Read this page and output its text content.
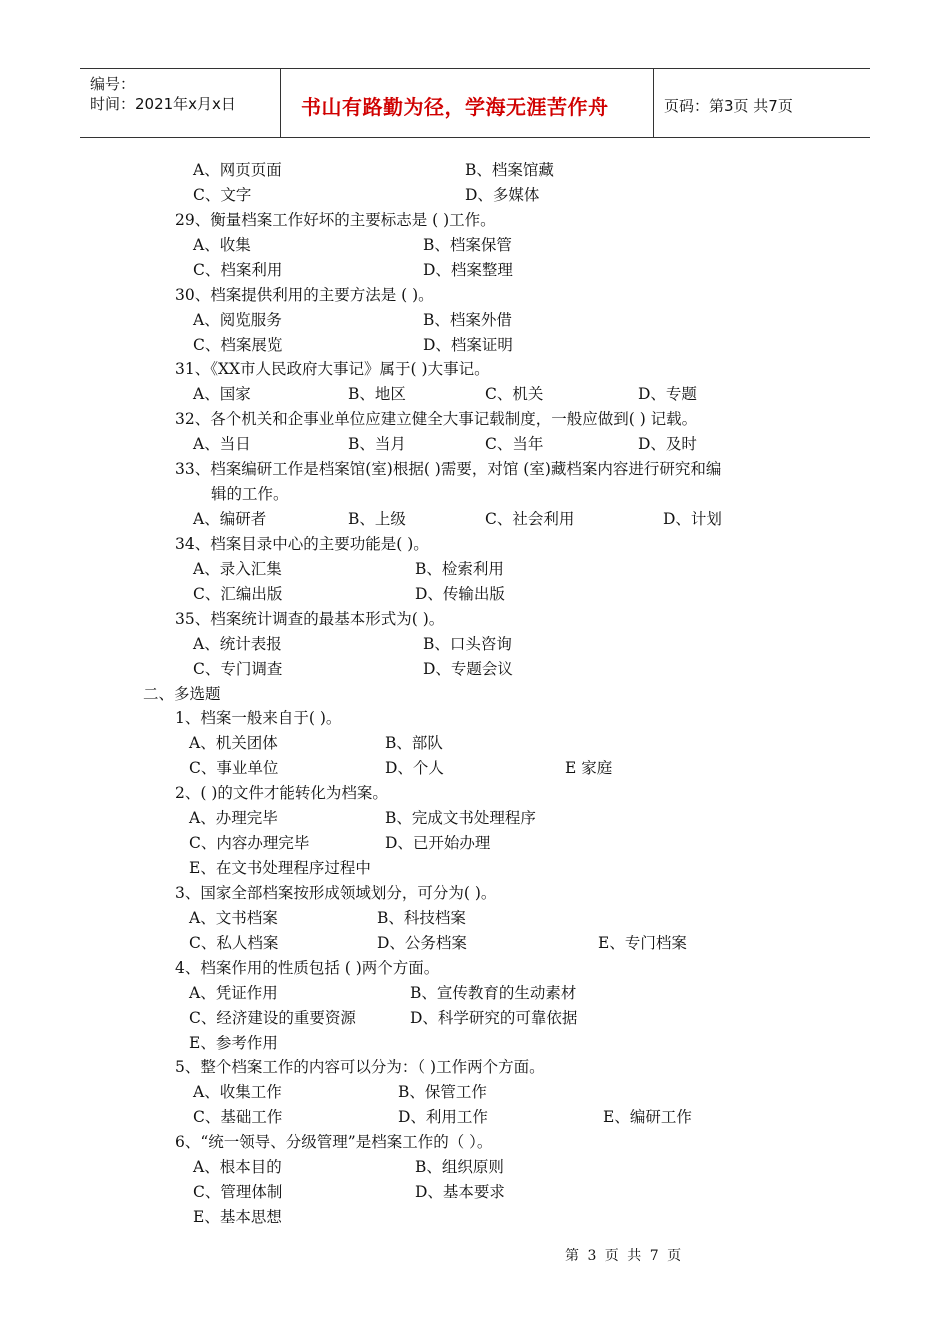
编号：
时间：2021年x月x日	书山有路勤为径，学海无涯苦作舟	页码：第3页 共7页
A、网页页面	B、档案馆藏
C、文字	D、多媒体
29、衡量档案工作好坏的主要标志是 ( )工作。
A、收集	B、档案保管
C、档案利用	D、档案整理
30、档案提供利用的主要方法是 ( )。
A、阅览服务	B、档案外借
C、档案展览	D、档案证明
31、《XX市人民政府大事记》属于( )大事记。
A、国家	B、地区	C、机关	D、专题
32、各个机关和企事业单位应建立健全大事记载制度，一般应做到( ) 记载。
A、当日	B、当月	C、当年	D、及时
33、档案编研工作是档案馆(室)根据( )需要，对馆 (室)藏档案内容进行研究和编
辑的工作。
A、编研者	B、上级	C、社会利用	D、计划
34、档案目录中心的主要功能是( )。
A、录入汇集	B、检索利用
C、汇编出版	D、传输出版
35、档案统计调查的最基本形式为( )。
A、统计表报	B、口头咨询
C、专门调查	D、专题会议
二、多选题
1、档案一般来自于( )。
A、机关团体	B、部队
C、事业单位	D、个人	E 家庭
2、( )的文件才能转化为档案。
A、办理完毕	B、完成文书处理程序
C、内容办理完毕	D、已开始办理
E、在文书处理程序过程中
3、国家全部档案按形成领域划分，可分为( )。
A、文书档案	B、科技档案
C、私人档案	D、公务档案	E、专门档案
4、档案作用的性质包括 ( )两个方面。
A、凭证作用	B、宣传教育的生动素材
C、经济建设的重要资源	D、科学研究的可靠依据
E、参考作用
5、整个档案工作的内容可以分为：（ )工作两个方面。
A、收集工作	B、保管工作
C、基础工作	D、利用工作	E、编研工作
6、“统一领导、分级管理”是档案工作的（ ）。
A、根本目的	B、组织原则
C、管理体制	D、基本要求
E、基本思想
第 3 页 共 7 页
